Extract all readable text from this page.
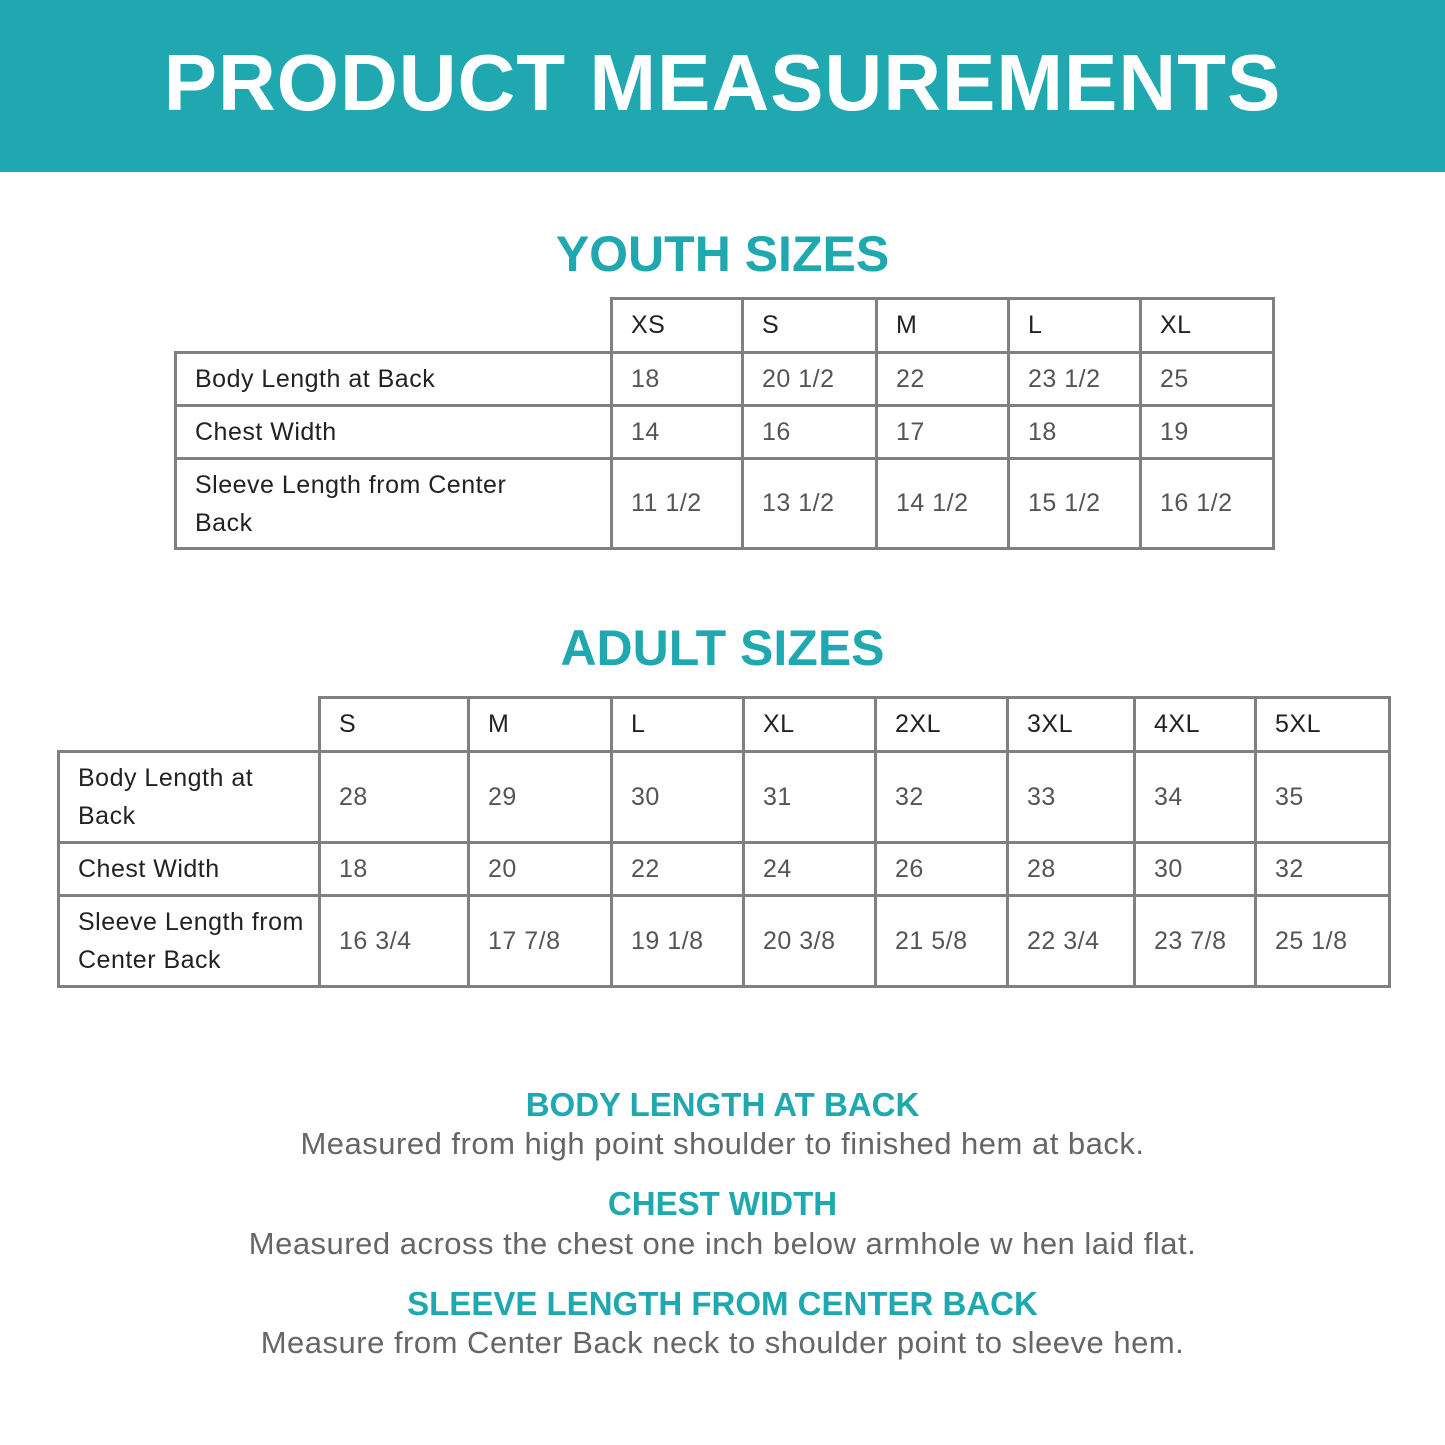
PRODUCT MEASUREMENTS
YOUTH SIZES
	XS	S	M	L	XL
Body Length at Back	18	20 1/2	22	23 1/2	25
Chest Width	14	16	17	18	19
Sleeve Length from Center Back	11 1/2	13 1/2	14 1/2	15 1/2	16 1/2
ADULT SIZES
	S	M	L	XL	2XL	3XL	4XL	5XL
Body Length at Back	28	29	30	31	32	33	34	35
Chest Width	18	20	22	24	26	28	30	32
Sleeve Length from Center Back	16 3/4	17 7/8	19 1/8	20 3/8	21 5/8	22 3/4	23 7/8	25 1/8
BODY LENGTH AT BACK
Measured from high point shoulder to finished hem at back.
CHEST WIDTH
Measured across the chest one inch below armhole w hen laid flat.
SLEEVE LENGTH FROM CENTER BACK
Measure from Center Back neck to shoulder point to sleeve hem.
